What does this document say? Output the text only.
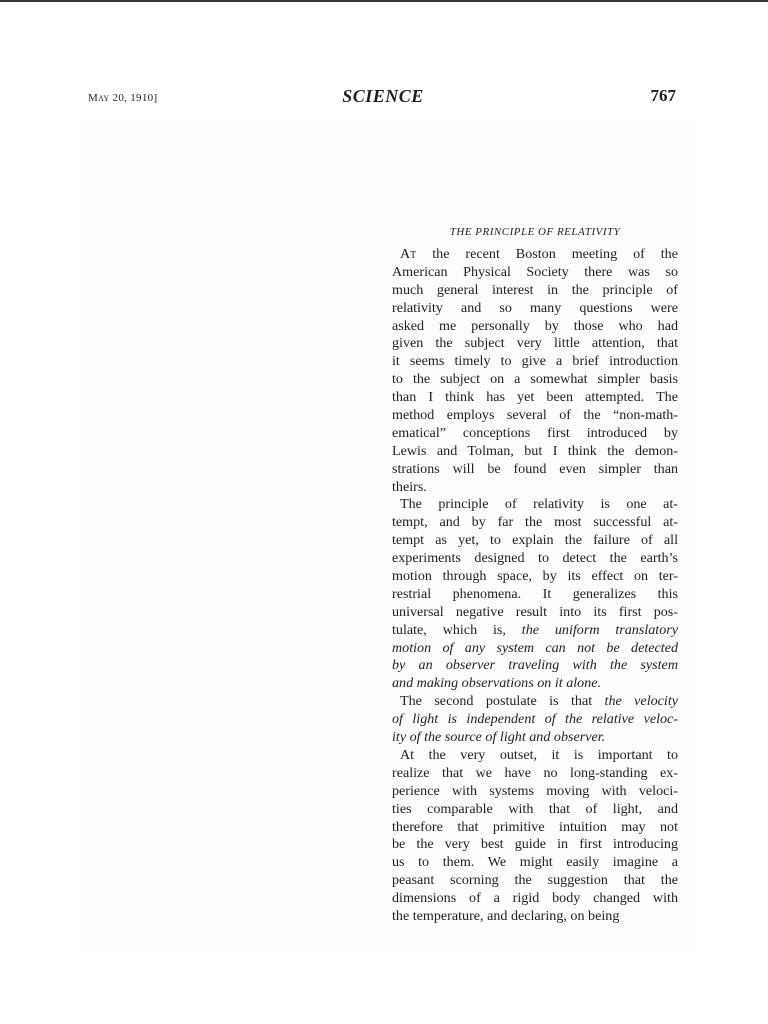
May 20, 1910]	SCIENCE	767
THE PRINCIPLE OF RELATIVITY
At the recent Boston meeting of the
American Physical Society there was so
much general interest in the principle of
relativity and so many questions were
asked me personally by those who had
given the subject very little attention, that
it seems timely to give a brief introduction
to the subject on a somewhat simpler basis
than I think has yet been attempted. The
method employs several of the “non-math-
ematical” conceptions first introduced by
Lewis and Tolman, but I think the demon-
strations will be found even simpler than
theirs.
The principle of relativity is one at-
tempt, and by far the most successful at-
tempt as yet, to explain the failure of all
experiments designed to detect the earth’s
motion through space, by its effect on ter-
restrial phenomena. It generalizes this
universal negative result into its first pos-
tulate, which is, the uniform translatory
motion of any system can not be detected
by an observer traveling with the system
and making observations on it alone.
The second postulate is that the velocity
of light is independent of the relative veloc-
ity of the source of light and observer.
At the very outset, it is important to
realize that we have no long-standing ex-
perience with systems moving with veloci-
ties comparable with that of light, and
therefore that primitive intuition may not
be the very best guide in first introducing
us to them. We might easily imagine a
peasant scorning the suggestion that the
dimensions of a rigid body changed with
the temperature, and declaring, on being
